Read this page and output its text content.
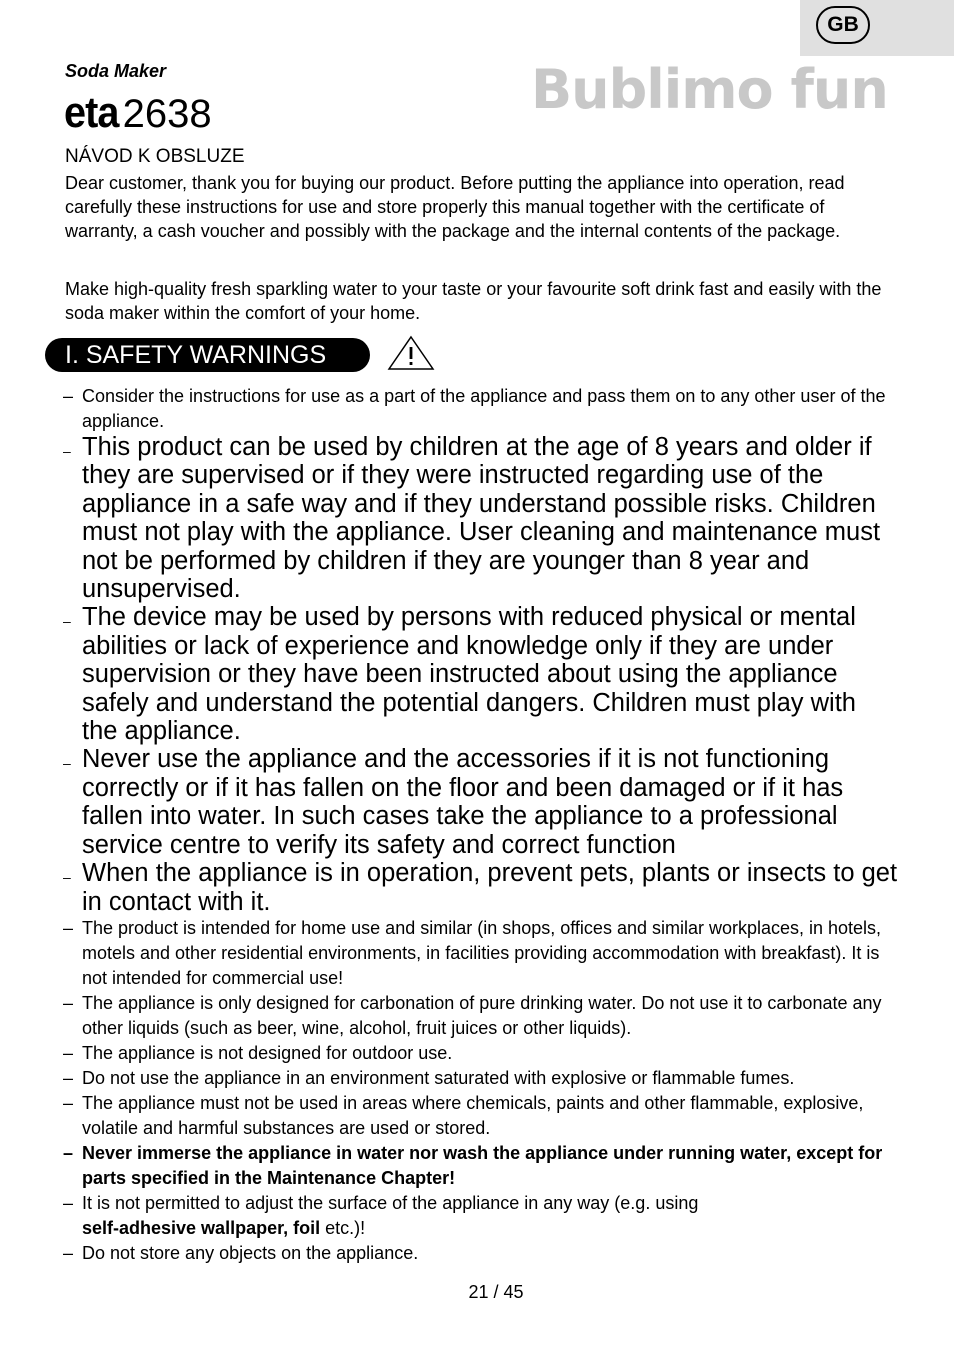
GB
Soda Maker
eta 2638	Bublimo fun
NÁVOD K OBSLUZE

Dear customer, thank you for buying our product. Before putting the appliance into operation, read carefully these instructions for use and store properly this manual together with the certificate of warranty, a cash voucher and possibly with the package and the internal contents of the package.

Make high-quality fresh sparkling water to your taste or your favourite soft drink fast and easily with the soda maker within the comfort of your home.

I. SAFETY WARNINGS
– Consider the instructions for use as a part of the appliance and pass them on to any other user of the appliance.
– This product can be used by children at the age of 8 years and older if they are supervised or if they were instructed regarding use of the appliance in a safe way and if they understand possible risks. Children must not play with the appliance. User cleaning and maintenance must not be performed by children if they are younger than 8 year and unsupervised.
– The device may be used by persons with reduced physical or mental abilities or lack of experience and knowledge only if they are under supervision or they have been instructed about using the appliance safely and understand the potential dangers. Children must play with the appliance.
– Never use the appliance and the accessories if it is not functioning correctly or if it has fallen on the floor and been damaged or if it has fallen into water. In such cases take the appliance to a professional service centre to verify its safety and correct function
– When the appliance is in operation, prevent pets, plants or insects to get in contact with it.
– The product is intended for home use and similar (in shops, offices and similar workplaces, in hotels, motels and other residential environments, in facilities providing accommodation with breakfast). It is not intended for commercial use!
– The appliance is only designed for carbonation of pure drinking water. Do not use it to carbonate any other liquids (such as beer, wine, alcohol, fruit juices or other liquids).
– The appliance is not designed for outdoor use.
– Do not use the appliance in an environment saturated with explosive or flammable fumes.
– The appliance must not be used in areas where chemicals, paints and other flammable, explosive, volatile and harmful substances are used or stored.
– Never immerse the appliance in water nor wash the appliance under running water, except for parts specified in the Maintenance Chapter!
– It is not permitted to adjust the surface of the appliance in any way (e.g. using
self-adhesive wallpaper, foil etc.)!
– Do not store any objects on the appliance.
21 / 45
